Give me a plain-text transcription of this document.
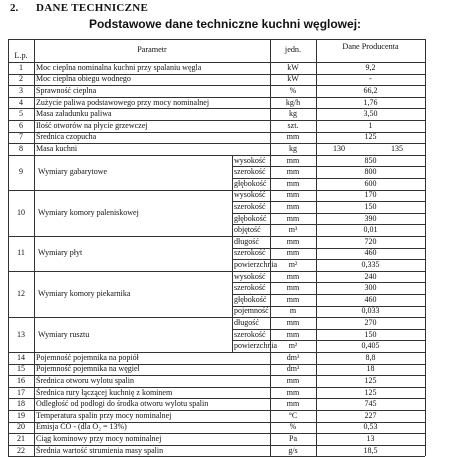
2. DANE TECHNICZNE
Podstawowe dane techniczne kuchni węglowej:
L.p.
Parametr	jedn.	Dane Producenta
1	Moc cieplna nominalna kuchni przy spalaniu węgla	kW	9,2
2	Moc cieplna obiegu wodnego	kW	-
3	Sprawność cieplna	%	66,2
4	Zużycie paliwa podstawowego przy mocy nominalnej	kg/h	1,76
5	Masa załadunku paliwa	kg	3,50
6	Ilość otworów na płycie grzewczej	szt.	1
7	Średnica czopucha	mm	125
8	Masa kuchni	kg	130	135
9	Wymiary gabarytowe
wysokość	mm	850
szerokość	mm	800
głębokość	mm	600
10	Wymiary komory paleniskowej
wysokość	mm	170
szerokość	mm	150
głębokość	mm	390
objętość	m³	0,01
11	Wymiary płyt
długość	mm	720
szerokość	mm	460
powierzchnia	m²	0,335
12	Wymiary komory piekarnika
wysokość	mm	240
szerokość	mm	300
głębokość	mm	460
pojemność	m	0,033
13	Wymiary rusztu
długość	mm	270
szerokość	mm	150
powierzchnia	m²	0,405
14	Pojemność pojemnika na popiół	dm³	8,8
15	Pojemność pojemnika na węgiel	dm³	18
16	Średnica otworu wylotu spalin	mm	125
17	Średnica rury łączącej kuchnię z kominem	mm	125
18	Odległość od podłogi do środka otworu wylotu spalin	mm	745
19	Temperatura spalin przy mocy nominalnej	°C	227
20	Emisja CO - (dla O₂ = 13%)	%	0,53
21	Ciąg kominowy przy mocy nominalnej	Pa	13
22	Średnia wartość strumienia masy spalin	g/s	18,5
